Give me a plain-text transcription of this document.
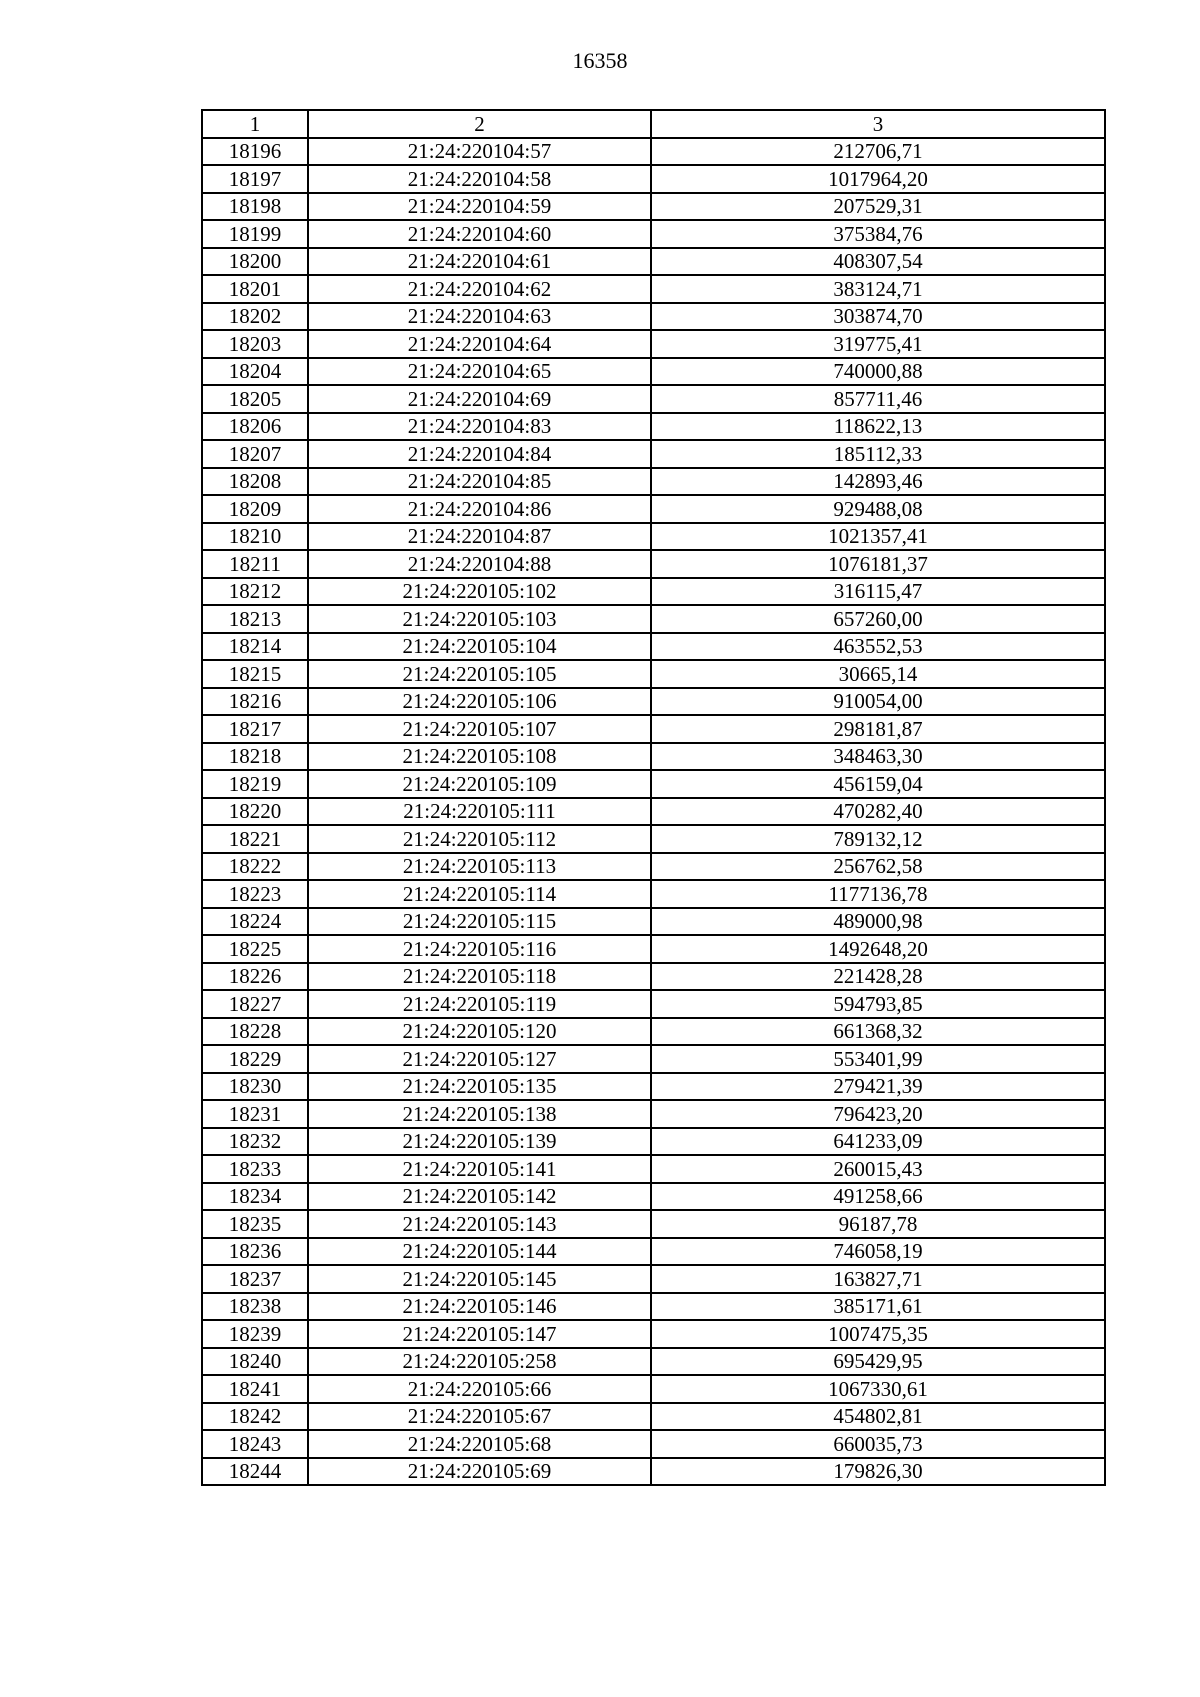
16358
1	2	3
18196	21:24:220104:57	212706,71
18197	21:24:220104:58	1017964,20
18198	21:24:220104:59	207529,31
18199	21:24:220104:60	375384,76
18200	21:24:220104:61	408307,54
18201	21:24:220104:62	383124,71
18202	21:24:220104:63	303874,70
18203	21:24:220104:64	319775,41
18204	21:24:220104:65	740000,88
18205	21:24:220104:69	857711,46
18206	21:24:220104:83	118622,13
18207	21:24:220104:84	185112,33
18208	21:24:220104:85	142893,46
18209	21:24:220104:86	929488,08
18210	21:24:220104:87	1021357,41
18211	21:24:220104:88	1076181,37
18212	21:24:220105:102	316115,47
18213	21:24:220105:103	657260,00
18214	21:24:220105:104	463552,53
18215	21:24:220105:105	30665,14
18216	21:24:220105:106	910054,00
18217	21:24:220105:107	298181,87
18218	21:24:220105:108	348463,30
18219	21:24:220105:109	456159,04
18220	21:24:220105:111	470282,40
18221	21:24:220105:112	789132,12
18222	21:24:220105:113	256762,58
18223	21:24:220105:114	1177136,78
18224	21:24:220105:115	489000,98
18225	21:24:220105:116	1492648,20
18226	21:24:220105:118	221428,28
18227	21:24:220105:119	594793,85
18228	21:24:220105:120	661368,32
18229	21:24:220105:127	553401,99
18230	21:24:220105:135	279421,39
18231	21:24:220105:138	796423,20
18232	21:24:220105:139	641233,09
18233	21:24:220105:141	260015,43
18234	21:24:220105:142	491258,66
18235	21:24:220105:143	96187,78
18236	21:24:220105:144	746058,19
18237	21:24:220105:145	163827,71
18238	21:24:220105:146	385171,61
18239	21:24:220105:147	1007475,35
18240	21:24:220105:258	695429,95
18241	21:24:220105:66	1067330,61
18242	21:24:220105:67	454802,81
18243	21:24:220105:68	660035,73
18244	21:24:220105:69	179826,30
